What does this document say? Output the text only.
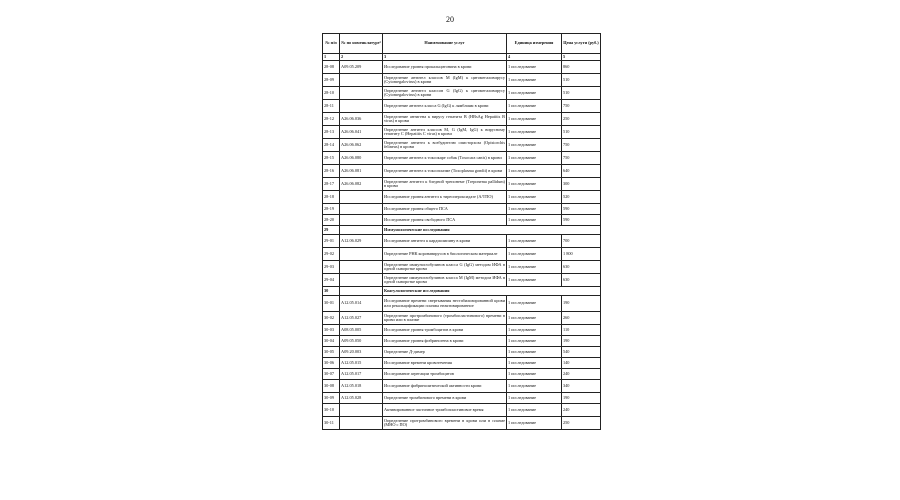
20
№ п/п	№ по номенклатуре¹	Наименование услуг	Единица измерения	Цена услуги (руб.)
1	2	3	4	5
28-08	A09.05.209	Исследование уровня прокальцитонина в крови	1 исследование	860
28-09		Определение антител классов M (IgM) к цитомегаловирусу (Cytomegalovirus) в крови	1 исследование	510
28-10		Определение антител классов G (IgG) к цитомегаловирусу (Cytomegalovirus) в крови	1 исследование	510
28-11		Определение антител класса G (IgG) к лямблиям в крови	1 исследование	750
28-12	A26.06.036	Определение антигена к вирусу гепатита B (HBsAg Hepatitis B virus) в крови	1 исследование	250
28-13	A26.06.041	Определение антител классов M, G (IgM, IgG) к вирусному гепатиту C (Hepatitis C virus) в крови	1 исследование	510
28-14	A26.06.062	Определение антител к возбудителю описторхоза (Opistorchis felineus) в крови	1 исследование	750
28-15	A26.06.080	Определение антител к токсокаре собак (Toxocara canis) в крови	1 исследование	750
28-16	A26.06.081	Определение антител к токсоплазме (Toxoplasma gondii) в крови	1 исследование	640
28-17	A26.06.082	Определение антител к бледной трепонеме (Treponema pallidum) в крови	1 исследование	300
28-18		Исследование уровня антител к тиреопероксидазе (А/ТПО)	1 исследование	520
28-19		Исследование уровня общего ПСА	1 исследование	590
28-20		Исследование уровня свободного ПСА	1 исследование	590
29		Иммунологические исследования		
29-01	A12.06.029	Исследование антител к кардиолипину в крови	1 исследование	700
29-02		Определение РНК коронавирусов в биологическом материале	1 исследование	1 800
29-03		Определение иммуноглобулинов класса G (IgG) методом ИФА в одной сыворотке крови	1 исследование	630
29-04		Определение иммуноглобулинов класса M (IgM) методом ИФА в одной сыворотке крови	1 исследование	630
30		Коагулологические исследования		
30-01	A12.05.014	Исследование времени свертывания нестабилизированной крови или рекальцификации плазмы неактивированное	1 исследование	190
30-02	A12.05.027	Определение протромбинового (тромбопластинового) времени в крови или в плазме	1 исследование	260
30-03	A08.05.005	Исследование уровня тромбоцитов в крови	1 исследование	110
30-04	A09.05.050	Исследование уровня фибриногена в крови	1 исследование	190
30-05	A09.20.003	Определение Д-димер	1 исследование	540
30-06	A12.05.015	Исследование времени кровотечения	1 исследование	140
30-07	A12.05.017	Исследование агрегации тромбоцитов	1 исследование	240
30-08	A12.05.018	Исследование фибринолитической активности крови	1 исследование	340
30-09	A12.05.028	Определение тромбинового времени в крови	1 исследование	190
30-10		Активированное частичное тромбопластиновое время	1 исследование	240
30-11		Определение протромбинового времени в крови или в плазме (МНО с ПО)	1 исследование	250
